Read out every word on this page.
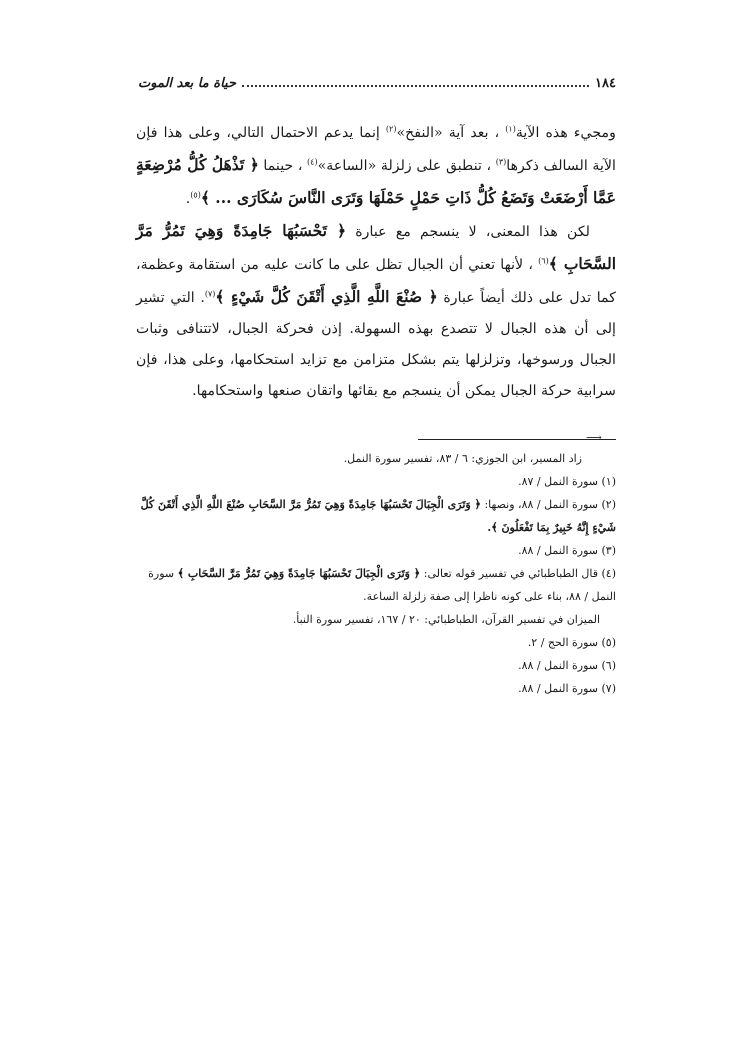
١٨٤
حياة ما بعد الموت

ومجيء هذه الآية$^{(١)}$ ، بعد آية «النفخ»$^{(٢)}$ إنما يدعم الاحتمال التالي، وعلى هذا فإن الآية السالف ذكرها$^{(٣)}$ ، تنطبق على زلزلة «الساعة»$^{(٤)}$ ، حينما ﴿ تَذْهَلُ كُلُّ مُرْضِعَةٍ عَمَّا أَرْضَعَتْ وَتَضَعُ كُلُّ ذَاتِ حَمْلٍ حَمْلَهَا وَتَرَى النَّاسَ سُكَارَى ... ﴾$^{(٥)}$.

لكن هذا المعنى، لا ينسجم مع عبارة ﴿ تَحْسَبُهَا جَامِدَةً وَهِيَ تَمُرُّ مَرَّ السَّحَابِ ﴾$^{(٦)}$ ، لأنها تعني أن الجبال تظل على ما كانت عليه من استقامة وعظمة، كما تدل على ذلك أيضاً عبارة ﴿ صُنْعَ اللَّهِ الَّذِي أَتْقَنَ كُلَّ شَيْءٍ ﴾$^{(٧)}$. التي تشير إلى أن هذه الجبال لا تتصدع بهذه السهولة. إذن فحركة الجبال، لاتتنافى وثبات الجبال ورسوخها، وتزلزلها يتم بشكل متزامن مع تزايد استحكامها، وعلى هذا، فإن سرابية حركة الجبال يمكن أن ينسجم مع بقائها واتقان صنعها واستحكامها.

⟶

زاد المسير، ابن الجوزي: ٦ / ٨٣، تفسير سورة النمل.

(١) سورة النمل / ٨٧.

(٢) سورة النمل / ٨٨، ونصها: ﴿ وَتَرَى الْجِبَالَ تَحْسَبُهَا جَامِدَةً وَهِيَ تَمُرُّ مَرَّ السَّحَابِ صُنْعَ اللَّهِ الَّذِي أَتْقَنَ كُلَّ شَيْءٍ إِنَّهُ خَبِيرٌ بِمَا تَفْعَلُونَ ﴾.

(٣) سورة النمل / ٨٨.

(٤) قال الطباطبائي في تفسير قوله تعالى: ﴿ وَتَرَى الْجِبَالَ تَحْسَبُهَا جَامِدَةً وَهِيَ تَمُرُّ مَرَّ السَّحَابِ ﴾ سورة النمل / ٨٨، بناء على كونه ناظرا إلى صفة زلزلة الساعة.

الميزان في تفسير القرآن، الطباطبائي: ٢٠ / ١٦٧، تفسير سورة النبأ.

(٥) سورة الحج / ٢.

(٦) سورة النمل / ٨٨.

(٧) سورة النمل / ٨٨.
